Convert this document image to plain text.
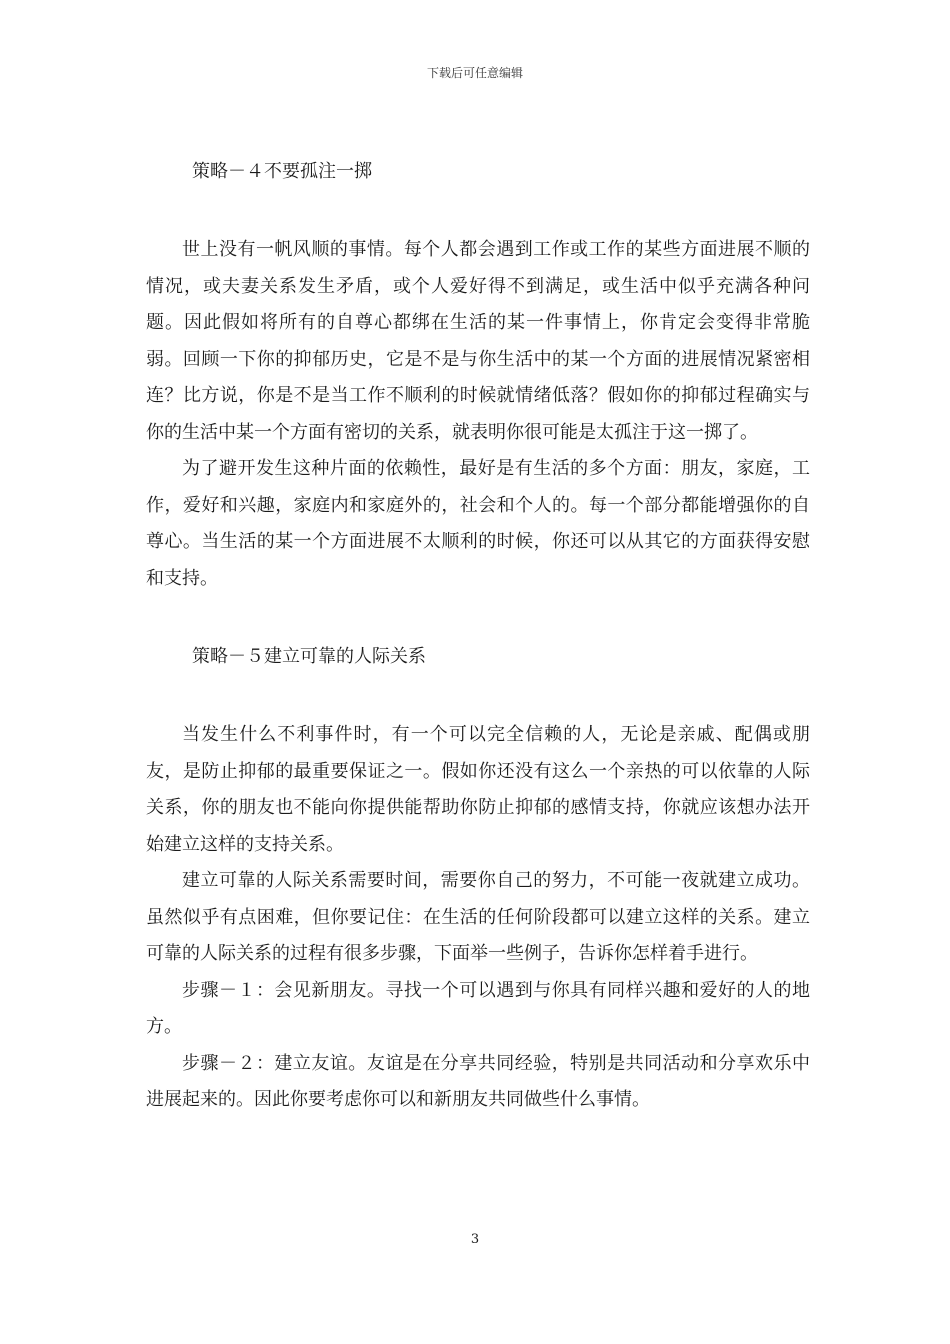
下载后可任意编辑

策略－４不要孤注一掷

世上没有一帆风顺的事情。每个人都会遇到工作或工作的某些方面进展不顺的情况，或夫妻关系发生矛盾，或个人爱好得不到满足，或生活中似乎充满各种问题。因此假如将所有的自尊心都绑在生活的某一件事情上，你肯定会变得非常脆弱。回顾一下你的抑郁历史，它是不是与你生活中的某一个方面的进展情况紧密相连？比方说，你是不是当工作不顺利的时候就情绪低落？假如你的抑郁过程确实与你的生活中某一个方面有密切的关系，就表明你很可能是太孤注于这一掷了。

为了避开发生这种片面的依赖性，最好是有生活的多个方面：朋友，家庭，工作，爱好和兴趣，家庭内和家庭外的，社会和个人的。每一个部分都能增强你的自尊心。当生活的某一个方面进展不太顺利的时候，你还可以从其它的方面获得安慰和支持。

策略－５建立可靠的人际关系

当发生什么不利事件时，有一个可以完全信赖的人，无论是亲戚、配偶或朋友，是防止抑郁的最重要保证之一。假如你还没有这么一个亲热的可以依靠的人际关系，你的朋友也不能向你提供能帮助你防止抑郁的感情支持，你就应该想办法开始建立这样的支持关系。

建立可靠的人际关系需要时间，需要你自己的努力，不可能一夜就建立成功。虽然似乎有点困难，但你要记住：在生活的任何阶段都可以建立这样的关系。建立可靠的人际关系的过程有很多步骤，下面举一些例子，告诉你怎样着手进行。

步骤－１：会见新朋友。寻找一个可以遇到与你具有同样兴趣和爱好的人的地方。

步骤－２：建立友谊。友谊是在分享共同经验，特别是共同活动和分享欢乐中进展起来的。因此你要考虑你可以和新朋友共同做些什么事情。

3
